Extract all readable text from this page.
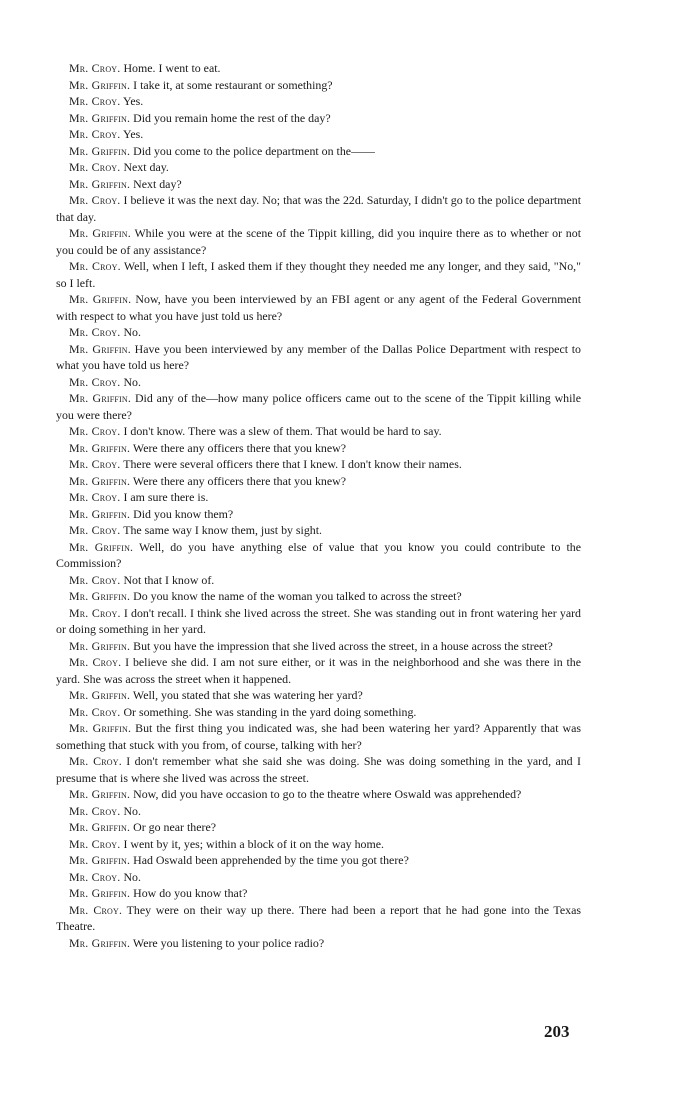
Mr. Croy. Home. I went to eat.

Mr. Griffin. I take it, at some restaurant or something?

Mr. Croy. Yes.

Mr. Griffin. Did you remain home the rest of the day?

Mr. Croy. Yes.

Mr. Griffin. Did you come to the police department on the——

Mr. Croy. Next day.

Mr. Griffin. Next day?

Mr. Croy. I believe it was the next day. No; that was the 22d. Saturday, I didn't go to the police department that day.

Mr. Griffin. While you were at the scene of the Tippit killing, did you inquire there as to whether or not you could be of any assistance?

Mr. Croy. Well, when I left, I asked them if they thought they needed me any longer, and they said, "No," so I left.

Mr. Griffin. Now, have you been interviewed by an FBI agent or any agent of the Federal Government with respect to what you have just told us here?

Mr. Croy. No.

Mr. Griffin. Have you been interviewed by any member of the Dallas Police Department with respect to what you have told us here?

Mr. Croy. No.

Mr. Griffin. Did any of the—how many police officers came out to the scene of the Tippit killing while you were there?

Mr. Croy. I don't know. There was a slew of them. That would be hard to say.

Mr. Griffin. Were there any officers there that you knew?

Mr. Croy. There were several officers there that I knew. I don't know their names.

Mr. Griffin. Were there any officers there that you knew?

Mr. Croy. I am sure there is.

Mr. Griffin. Did you know them?

Mr. Croy. The same way I know them, just by sight.

Mr. Griffin. Well, do you have anything else of value that you know you could contribute to the Commission?

Mr. Croy. Not that I know of.

Mr. Griffin. Do you know the name of the woman you talked to across the street?

Mr. Croy. I don't recall. I think she lived across the street. She was standing out in front watering her yard or doing something in her yard.

Mr. Griffin. But you have the impression that she lived across the street, in a house across the street?

Mr. Croy. I believe she did. I am not sure either, or it was in the neighborhood and she was there in the yard. She was across the street when it happened.

Mr. Griffin. Well, you stated that she was watering her yard?

Mr. Croy. Or something. She was standing in the yard doing something.

Mr. Griffin. But the first thing you indicated was, she had been watering her yard? Apparently that was something that stuck with you from, of course, talking with her?

Mr. Croy. I don't remember what she said she was doing. She was doing something in the yard, and I presume that is where she lived was across the street.

Mr. Griffin. Now, did you have occasion to go to the theatre where Oswald was apprehended?

Mr. Croy. No.

Mr. Griffin. Or go near there?

Mr. Croy. I went by it, yes; within a block of it on the way home.

Mr. Griffin. Had Oswald been apprehended by the time you got there?

Mr. Croy. No.

Mr. Griffin. How do you know that?

Mr. Croy. They were on their way up there. There had been a report that he had gone into the Texas Theatre.

Mr. Griffin. Were you listening to your police radio?

203
